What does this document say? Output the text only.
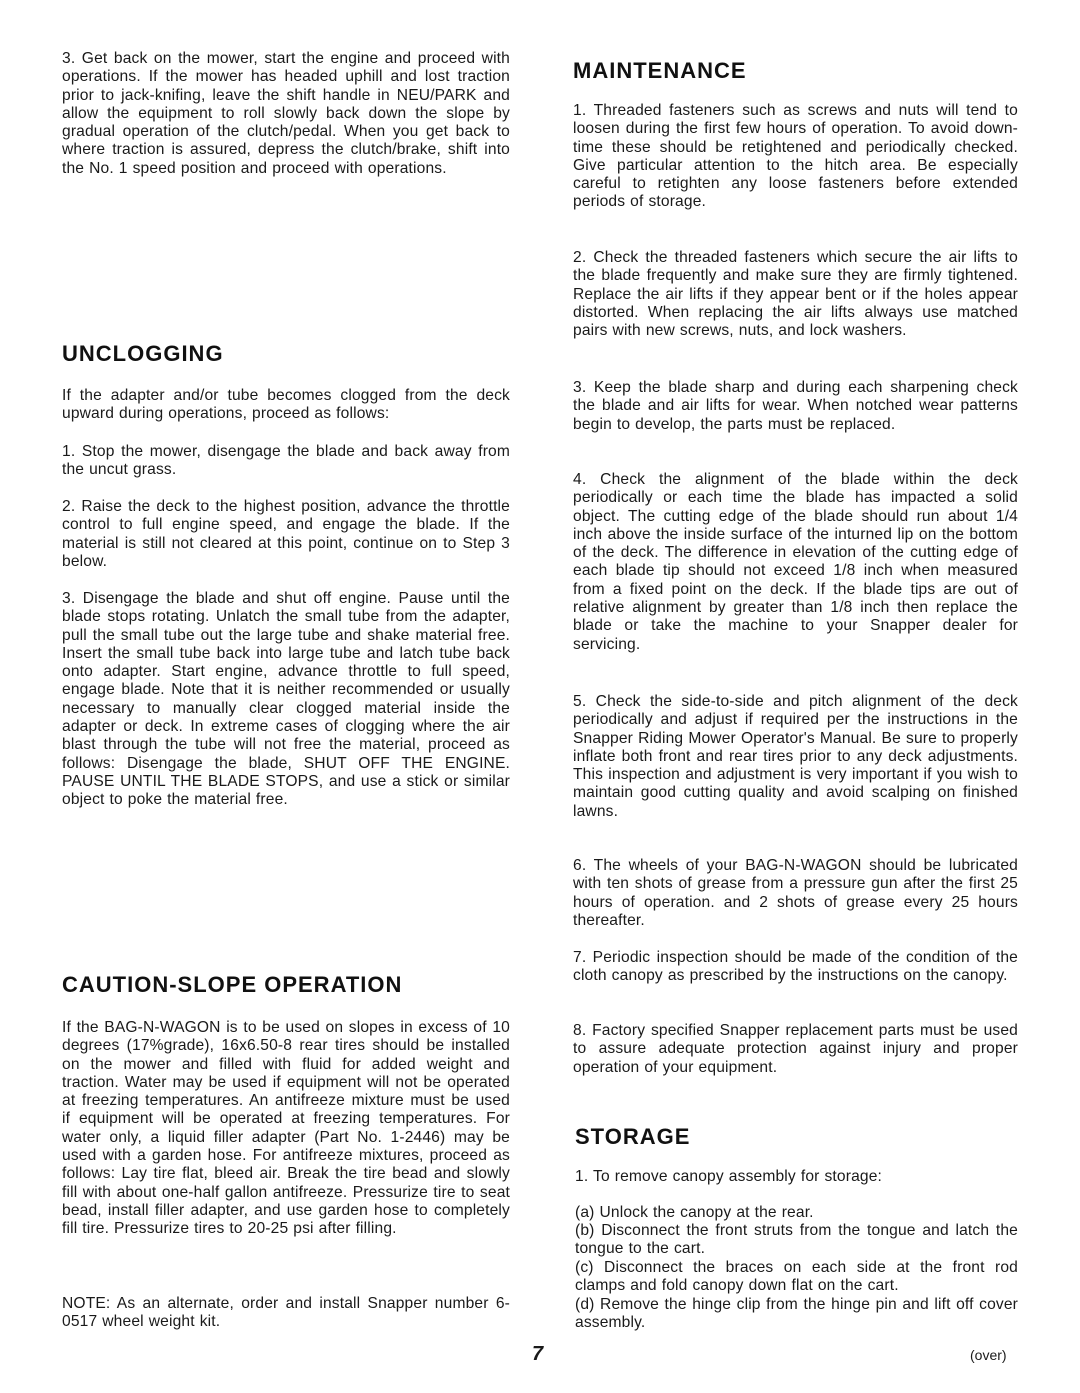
3. Get back on the mower, start the engine and proceed with operations. If the mower has headed uphill and lost traction prior to jack-knifing, leave the shift handle in NEU/PARK and allow the equipment to roll slowly back down the slope by gradual operation of the clutch/pedal. When you get back to where traction is assured, depress the clutch/brake, shift into the No. 1 speed position and proceed with operations.

UNCLOGGING

If the adapter and/or tube becomes clogged from the deck upward during operations, proceed as follows:

1. Stop the mower, disengage the blade and back away from the uncut grass.

2. Raise the deck to the highest position, advance the throttle control to full engine speed, and engage the blade. If the material is still not cleared at this point, continue on to Step 3 below.

3. Disengage the blade and shut off engine. Pause until the blade stops rotating. Unlatch the small tube from the adapter, pull the small tube out the large tube and shake material free. Insert the small tube back into large tube and latch tube back onto adapter. Start engine, advance throttle to full speed, engage blade. Note that it is neither recommended or usually necessary to manually clear clogged material inside the adapter or deck. In extreme cases of clogging where the air blast through the tube will not free the material, proceed as follows: Disengage the blade, SHUT OFF THE ENGINE. PAUSE UNTIL THE BLADE STOPS, and use a stick or similar object to poke the material free.

CAUTION-SLOPE OPERATION

If the BAG-N-WAGON is to be used on slopes in excess of 10 degrees (17%grade), 16x6.50-8 rear tires should be installed on the mower and filled with fluid for added weight and traction. Water may be used if equipment will not be operated at freezing temperatures. An antifreeze mixture must be used if equipment will be operated at freezing temperatures. For water only, a liquid filler adapter (Part No. 1-2446) may be used with a garden hose. For antifreeze mixtures, proceed as follows: Lay tire flat, bleed air. Break the tire bead and slowly fill with about one-half gallon antifreeze. Pressurize tire to seat bead, install filler adapter, and use garden hose to completely fill tire. Pressurize tires to 20-25 psi after filling.

NOTE: As an alternate, order and install Snapper number 6-0517 wheel weight kit.

MAINTENANCE

1. Threaded fasteners such as screws and nuts will tend to loosen during the first few hours of operation. To avoid down-time these should be retightened and periodically checked. Give particular attention to the hitch area. Be especially careful to retighten any loose fasteners before extended periods of storage.

2. Check the threaded fasteners which secure the air lifts to the blade frequently and make sure they are firmly tightened. Replace the air lifts if they appear bent or if the holes appear distorted. When replacing the air lifts always use matched pairs with new screws, nuts, and lock washers.

3. Keep the blade sharp and during each sharpening check the blade and air lifts for wear. When notched wear patterns begin to develop, the parts must be replaced.

4. Check the alignment of the blade within the deck periodically or each time the blade has impacted a solid object. The cutting edge of the blade should run about 1/4 inch above the inside surface of the inturned lip on the bottom of the deck. The difference in elevation of the cutting edge of each blade tip should not exceed 1/8 inch when measured from a fixed point on the deck. If the blade tips are out of relative alignment by greater than 1/8 inch then replace the blade or take the machine to your Snapper dealer for servicing.

5. Check the side-to-side and pitch alignment of the deck periodically and adjust if required per the instructions in the Snapper Riding Mower Operator's Manual. Be sure to properly inflate both front and rear tires prior to any deck adjustments. This inspection and adjustment is very important if you wish to maintain good cutting quality and avoid scalping on finished lawns.

6. The wheels of your BAG-N-WAGON should be lubricated with ten shots of grease from a pressure gun after the first 25 hours of operation. and 2 shots of grease every 25 hours thereafter.

7. Periodic inspection should be made of the condition of the cloth canopy as prescribed by the instructions on the canopy.

8. Factory specified Snapper replacement parts must be used to assure adequate protection against injury and proper operation of your equipment.

STORAGE

1. To remove canopy assembly for storage:

(a) Unlock the canopy at the rear.

(b) Disconnect the front struts from the tongue and latch the tongue to the cart.

(c) Disconnect the braces on each side at the front rod clamps and fold canopy down flat on the cart.

(d) Remove the hinge clip from the hinge pin and lift off cover assembly.

7	(over)
